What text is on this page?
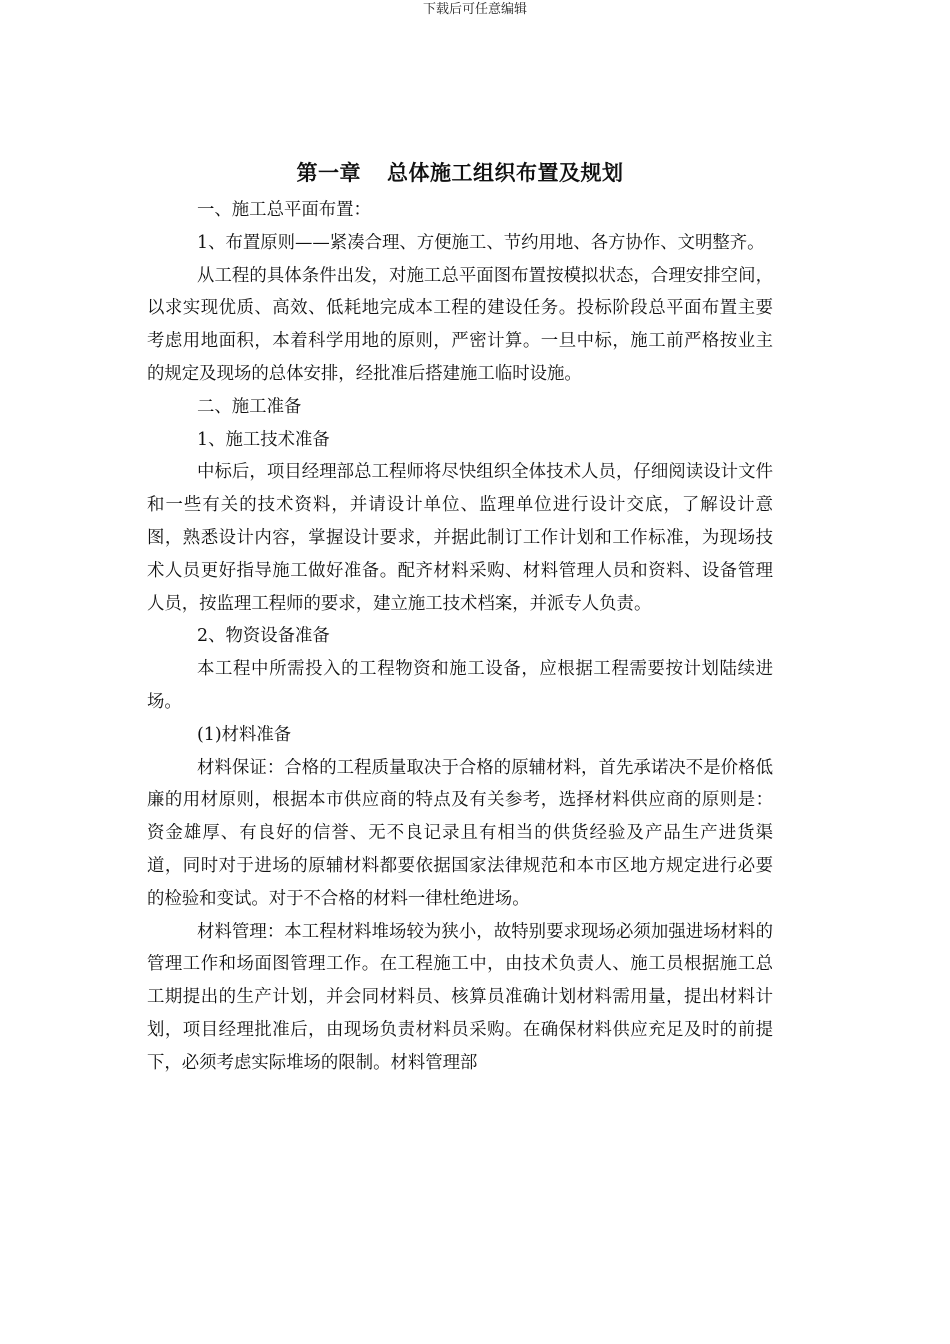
下载后可任意编辑
第一章 总体施工组织布置及规划

一、施工总平面布置：

1、布置原则——紧凑合理、方便施工、节约用地、各方协作、文明整齐。

从工程的具体条件出发，对施工总平面图布置按模拟状态，合理安排空间，以求实现优质、高效、低耗地完成本工程的建设任务。投标阶段总平面布置主要考虑用地面积，本着科学用地的原则，严密计算。一旦中标，施工前严格按业主的规定及现场的总体安排，经批准后搭建施工临时设施。

二、施工准备

1、施工技术准备

中标后，项目经理部总工程师将尽快组织全体技术人员，仔细阅读设计文件和一些有关的技术资料，并请设计单位、监理单位进行设计交底，了解设计意图，熟悉设计内容，掌握设计要求，并据此制订工作计划和工作标准，为现场技术人员更好指导施工做好准备。配齐材料采购、材料管理人员和资料、设备管理人员，按监理工程师的要求，建立施工技术档案，并派专人负责。

2、物资设备准备

本工程中所需投入的工程物资和施工设备，应根据工程需要按计划陆续进场。

(1)材料准备

材料保证：合格的工程质量取决于合格的原辅材料，首先承诺决不是价格低廉的用材原则，根据本市供应商的特点及有关参考，选择材料供应商的原则是：资金雄厚、有良好的信誉、无不良记录且有相当的供货经验及产品生产进货渠道，同时对于进场的原辅材料都要依据国家法律规范和本市区地方规定进行必要的检验和变试。对于不合格的材料一律杜绝进场。

材料管理：本工程材料堆场较为狭小，故特别要求现场必须加强进场材料的管理工作和场面图管理工作。在工程施工中，由技术负责人、施工员根据施工总工期提出的生产计划，并会同材料员、核算员准确计划材料需用量，提出材料计划，项目经理批准后，由现场负责材料员采购。在确保材料供应充足及时的前提下，必须考虑实际堆场的限制。材料管理部
